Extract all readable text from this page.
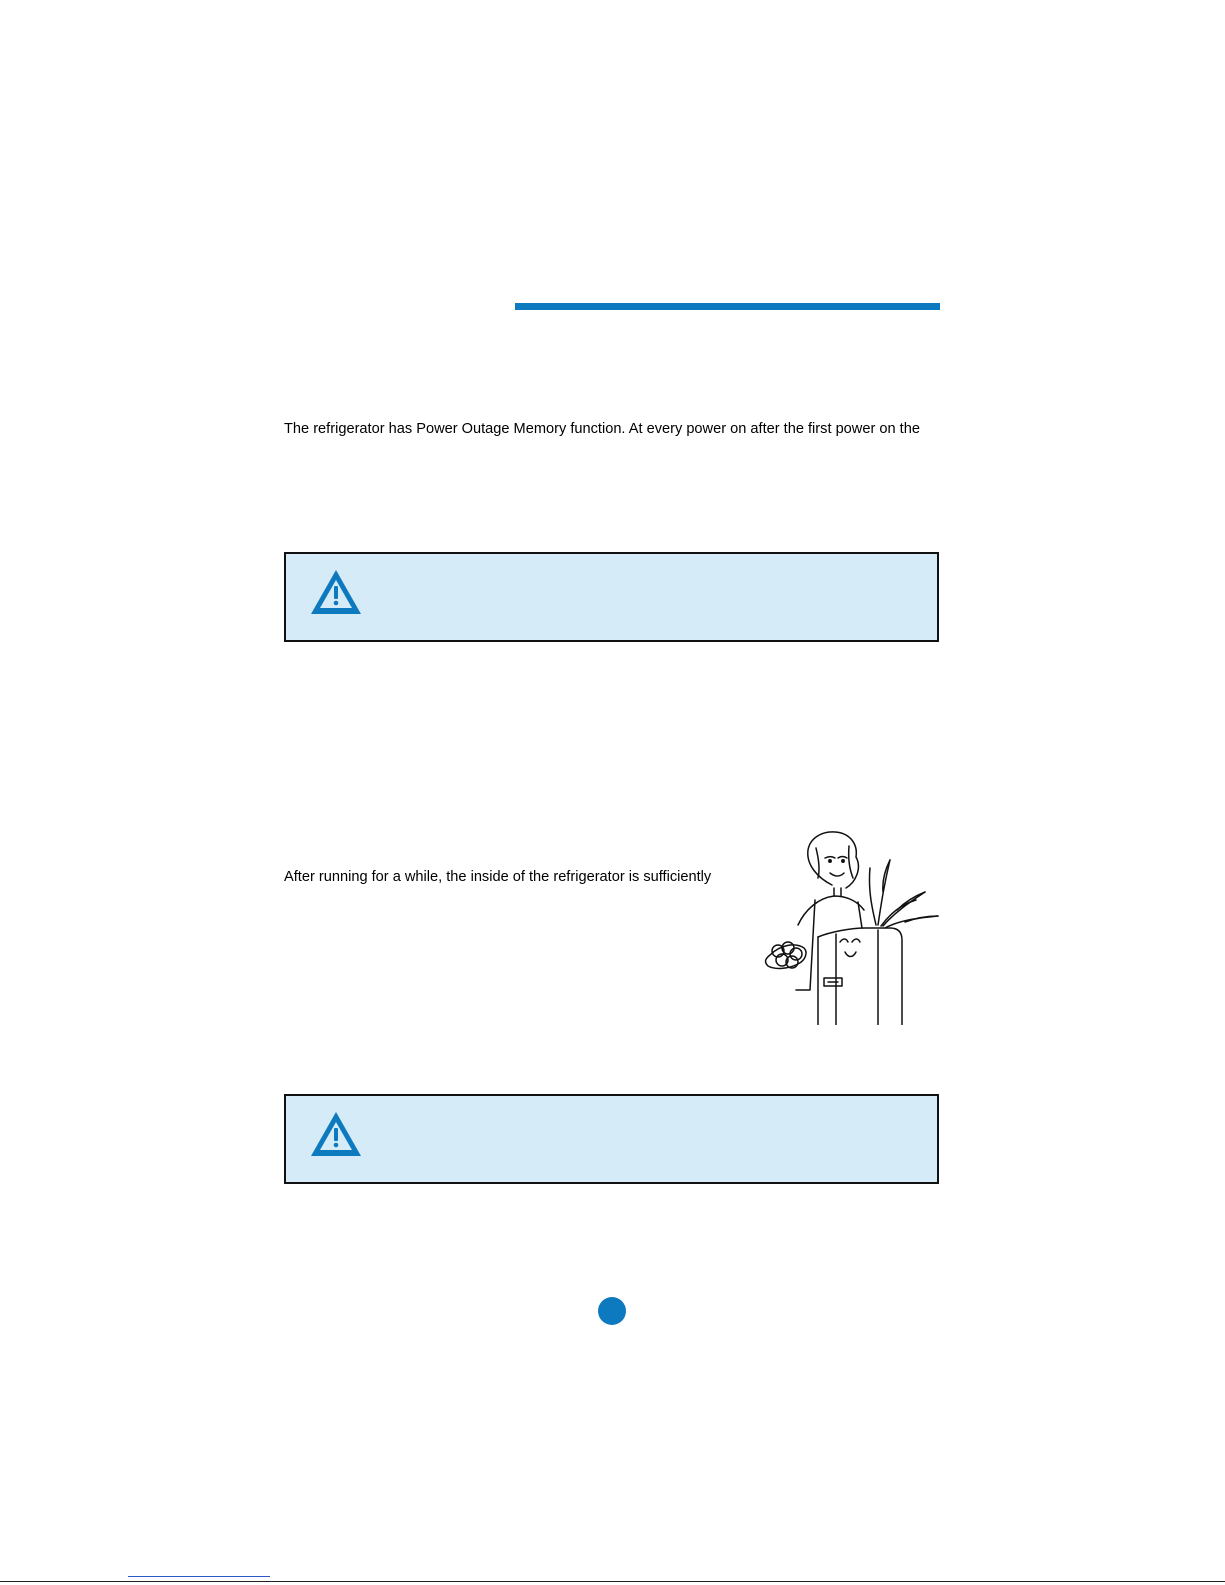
The refrigerator has Power Outage Memory function. At every power on after the first power on the

After running for a while, the inside of the refrigerator is sufficiently
